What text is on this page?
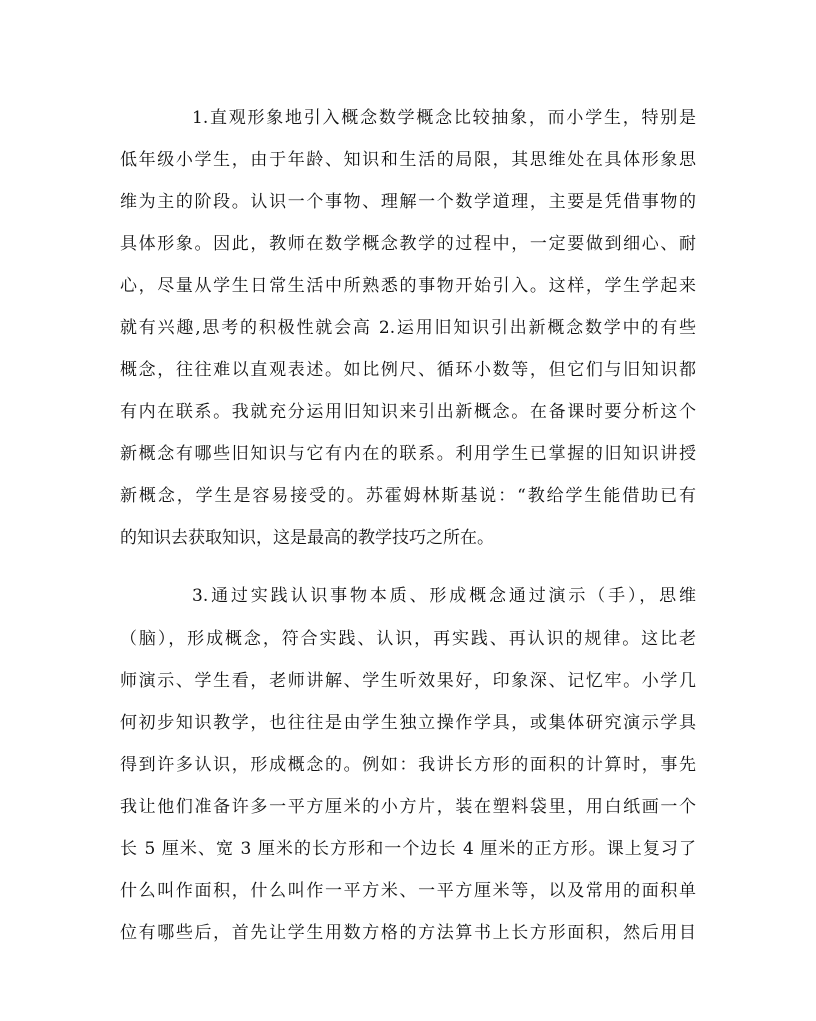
1.直观形象地引入概念数学概念比较抽象，而小学生，特别是
低年级小学生，由于年龄、知识和生活的局限，其思维处在具体形象思
维为主的阶段。认识一个事物、理解一个数学道理，主要是凭借事物的
具体形象。因此，教师在数学概念教学的过程中，一定要做到细心、耐
心，尽量从学生日常生活中所熟悉的事物开始引入。这样，学生学起来
就有兴趣,思考的积极性就会高 2.运用旧知识引出新概念数学中的有些
概念，往往难以直观表述。如比例尺、循环小数等，但它们与旧知识都
有内在联系。我就充分运用旧知识来引出新概念。在备课时要分析这个
新概念有哪些旧知识与它有内在的联系。利用学生已掌握的旧知识讲授
新概念，学生是容易接受的。苏霍姆林斯基说：“教给学生能借助已有
的知识去获取知识，这是最高的教学技巧之所在。
3.通过实践认识事物本质、形成概念通过演示（手），思维
（脑），形成概念，符合实践、认识，再实践、再认识的规律。这比老
师演示、学生看，老师讲解、学生听效果好，印象深、记忆牢。小学几
何初步知识教学，也往往是由学生独立操作学具，或集体研究演示学具
得到许多认识，形成概念的。例如：我讲长方形的面积的计算时，事先
我让他们准备许多一平方厘米的小方片，装在塑料袋里，用白纸画一个
长 5 厘米、宽 3 厘米的长方形和一个边长 4 厘米的正方形。课上复习了
什么叫作面积，什么叫作一平方米、一平方厘米等，以及常用的面积单
位有哪些后，首先让学生用数方格的方法算书上长方形面积，然后用目
